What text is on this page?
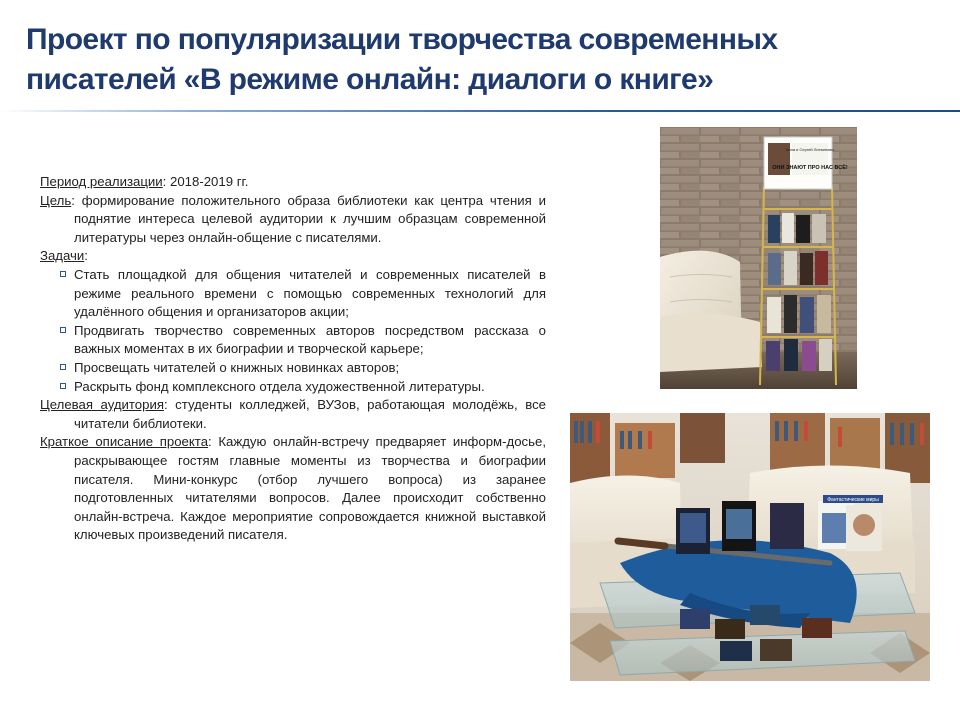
Проект по популяризации творчества современных
писателей «В режиме онлайн: диалоги о книге»

Период реализации: 2018-2019 гг.

Цель: формирование положительного образа библиотеки как центра чтения и поднятие интереса целевой аудитории к лучшим образцам современной литературы через онлайн-общение с писателями.

Задачи:

Стать площадкой для общения читателей и современных писателей в режиме реального времени с помощью современных технологий для удалённого общения и организаторов акции;
Продвигать творчество современных авторов посредством рассказа о важных моментах в их биографии и творческой карьере;
Просвещать читателей о книжных новинках авторов;
Раскрыть фонд комплексного отдела художественной литературы.

Целевая аудитория: студенты колледжей, ВУЗов, работающая молодёжь, все читатели библиотеки.

Краткое описание проекта: Каждую онлайн-встречу предваряет информ-досье, раскрывающее гостям главные моменты из творчества и биографии писателя. Мини-конкурс (отбор лучшего вопроса) из заранее подготовленных читателями вопросов. Далее происходит собственно онлайн-встреча. Каждое мероприятие сопровождается книжной выставкой ключевых произведений писателя.

Анна и Сергей Литвиновы
ОНИ ЗНАЮТ ПРО НАС ВСЁ!
Фантастические миры
